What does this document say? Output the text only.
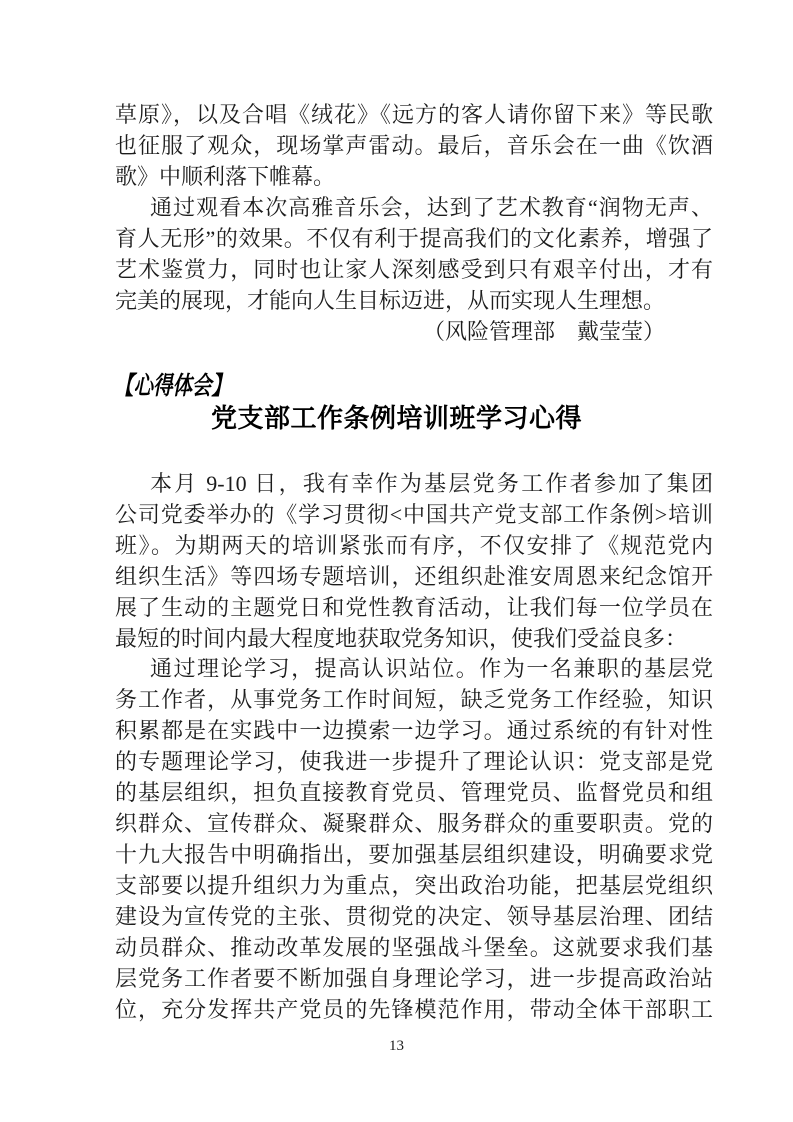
草原》，以及合唱《绒花》《远方的客人请你留下来》等民歌
也征服了观众，现场掌声雷动。最后，音乐会在一曲《饮酒
歌》中顺利落下帷幕。
通过观看本次高雅音乐会，达到了艺术教育“润物无声、
育人无形”的效果。不仅有利于提高我们的文化素养，增强了
艺术鉴赏力，同时也让家人深刻感受到只有艰辛付出，才有
完美的展现，才能向人生目标迈进，从而实现人生理想。
（风险管理部　戴莹莹）
【心得体会】
党支部工作条例培训班学习心得
本月 9-10 日，我有幸作为基层党务工作者参加了集团
公司党委举办的《学习贯彻<中国共产党支部工作条例>培训
班》。为期两天的培训紧张而有序，不仅安排了《规范党内
组织生活》等四场专题培训，还组织赴淮安周恩来纪念馆开
展了生动的主题党日和党性教育活动，让我们每一位学员在
最短的时间内最大程度地获取党务知识，使我们受益良多：
通过理论学习，提高认识站位。作为一名兼职的基层党
务工作者，从事党务工作时间短，缺乏党务工作经验，知识
积累都是在实践中一边摸索一边学习。通过系统的有针对性
的专题理论学习，使我进一步提升了理论认识：党支部是党
的基层组织，担负直接教育党员、管理党员、监督党员和组
织群众、宣传群众、凝聚群众、服务群众的重要职责。党的
十九大报告中明确指出，要加强基层组织建设，明确要求党
支部要以提升组织力为重点，突出政治功能，把基层党组织
建设为宣传党的主张、贯彻党的决定、领导基层治理、团结
动员群众、推动改革发展的坚强战斗堡垒。这就要求我们基
层党务工作者要不断加强自身理论学习，进一步提高政治站
位，充分发挥共产党员的先锋模范作用，带动全体干部职工
13
